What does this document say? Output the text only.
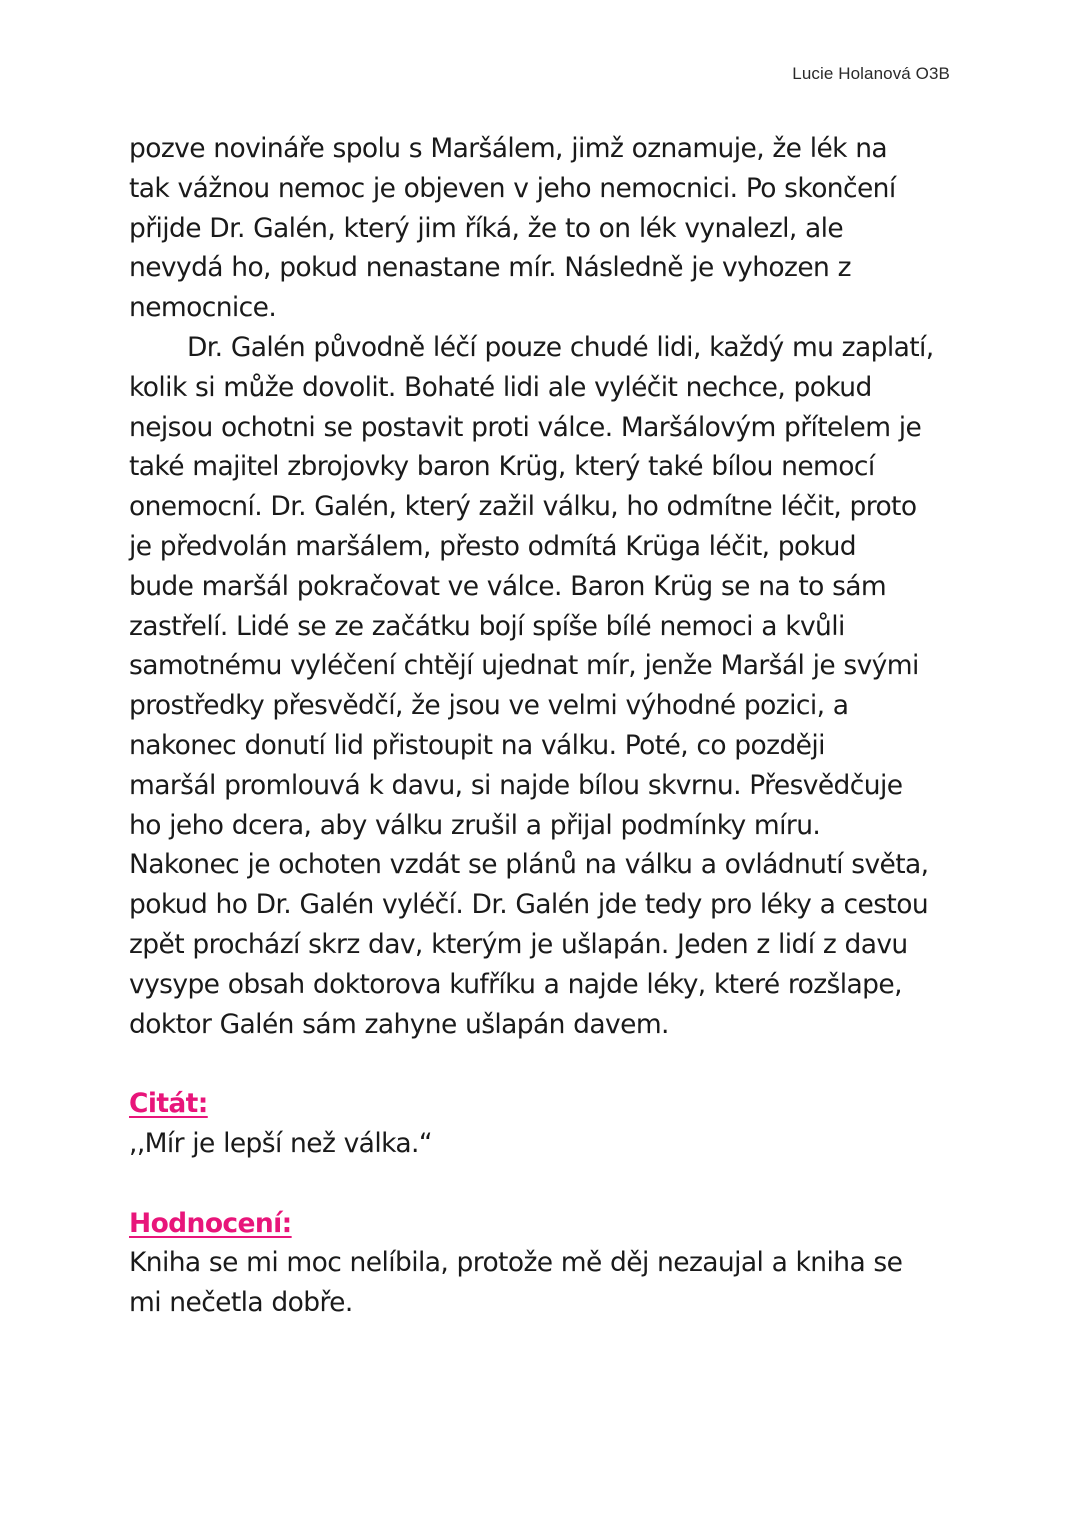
Lucie Holanová O3B
pozve novináře spolu s Maršálem, jimž oznamuje, že lék na
tak vážnou nemoc je objeven v jeho nemocnici. Po skončení
přijde Dr. Galén, který jim říká, že to on lék vynalezl, ale
nevydá ho, pokud nenastane mír. Následně je vyhozen z
nemocnice.
Dr. Galén původně léčí pouze chudé lidi, každý mu zaplatí,
kolik si může dovolit. Bohaté lidi ale vyléčit nechce, pokud
nejsou ochotni se postavit proti válce. Maršálovým přítelem je
také majitel zbrojovky baron Krüg, který také bílou nemocí
onemocní. Dr. Galén, který zažil válku, ho odmítne léčit, proto
je předvolán maršálem, přesto odmítá Krüga léčit, pokud
bude maršál pokračovat ve válce. Baron Krüg se na to sám
zastřelí. Lidé se ze začátku bojí spíše bílé nemoci a kvůli
samotnému vyléčení chtějí ujednat mír, jenže Maršál je svými
prostředky přesvědčí, že jsou ve velmi výhodné pozici, a
nakonec donutí lid přistoupit na válku. Poté, co později
maršál promlouvá k davu, si najde bílou skvrnu. Přesvědčuje
ho jeho dcera, aby válku zrušil a přijal podmínky míru.
Nakonec je ochoten vzdát se plánů na válku a ovládnutí světa,
pokud ho Dr. Galén vyléčí. Dr. Galén jde tedy pro léky a cestou
zpět prochází skrz dav, kterým je ušlapán. Jeden z lidí z davu
vysype obsah doktorova kufříku a najde léky, které rozšlape,
doktor Galén sám zahyne ušlapán davem.
Citát:
,,Mír je lepší než válka.“
Hodnocení:
Kniha se mi moc nelíbila, protože mě děj nezaujal a kniha se
mi nečetla dobře.
